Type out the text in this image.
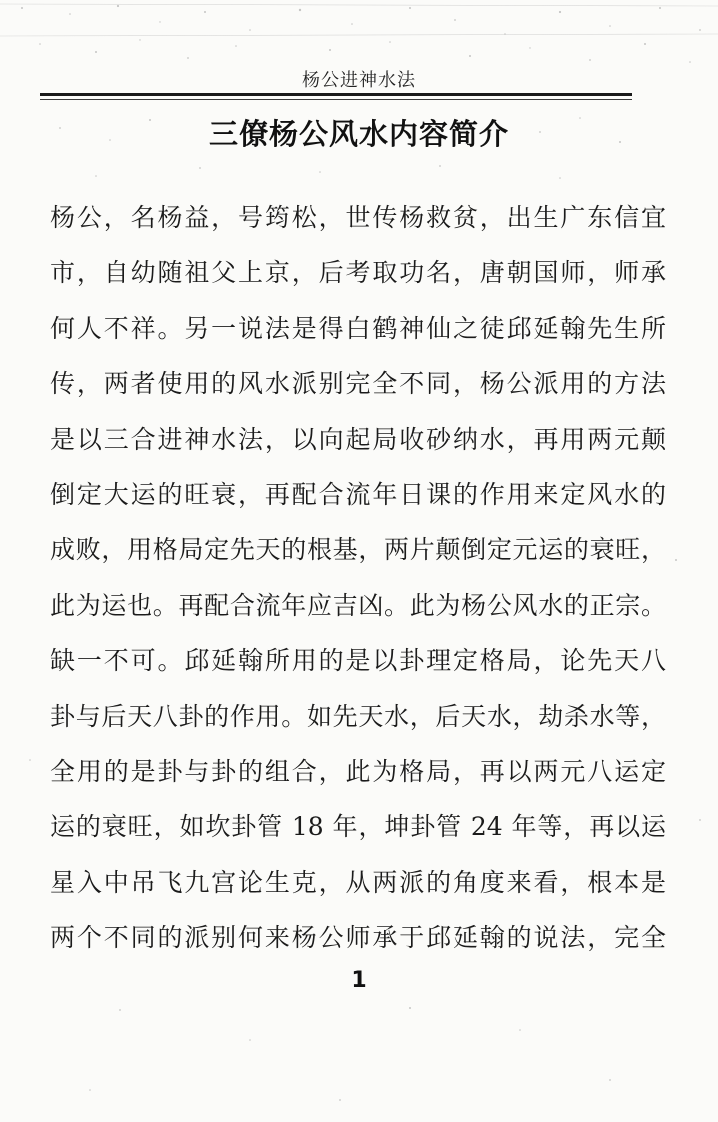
杨公进神水法
三僚杨公风水内容简介
杨公，名杨益，号筠松，世传杨救贫，出生广东信宜
市，自幼随祖父上京，后考取功名，唐朝国师，师承
何人不祥。另一说法是得白鹤神仙之徒邱延翰先生所
传，两者使用的风水派别完全不同，杨公派用的方法
是以三合进神水法，以向起局收砂纳水，再用两元颠
倒定大运的旺衰，再配合流年日课的作用来定风水的
成败，用格局定先天的根基，两片颠倒定元运的衰旺，
此为运也。再配合流年应吉凶。此为杨公风水的正宗。
缺一不可。邱延翰所用的是以卦理定格局，论先天八
卦与后天八卦的作用。如先天水，后天水，劫杀水等，
全用的是卦与卦的组合，此为格局，再以两元八运定
运的衰旺，如坎卦管 18 年，坤卦管 24 年等，再以运
星入中吊飞九宫论生克，从两派的角度来看，根本是
两个不同的派别何来杨公师承于邱延翰的说法，完全
1
